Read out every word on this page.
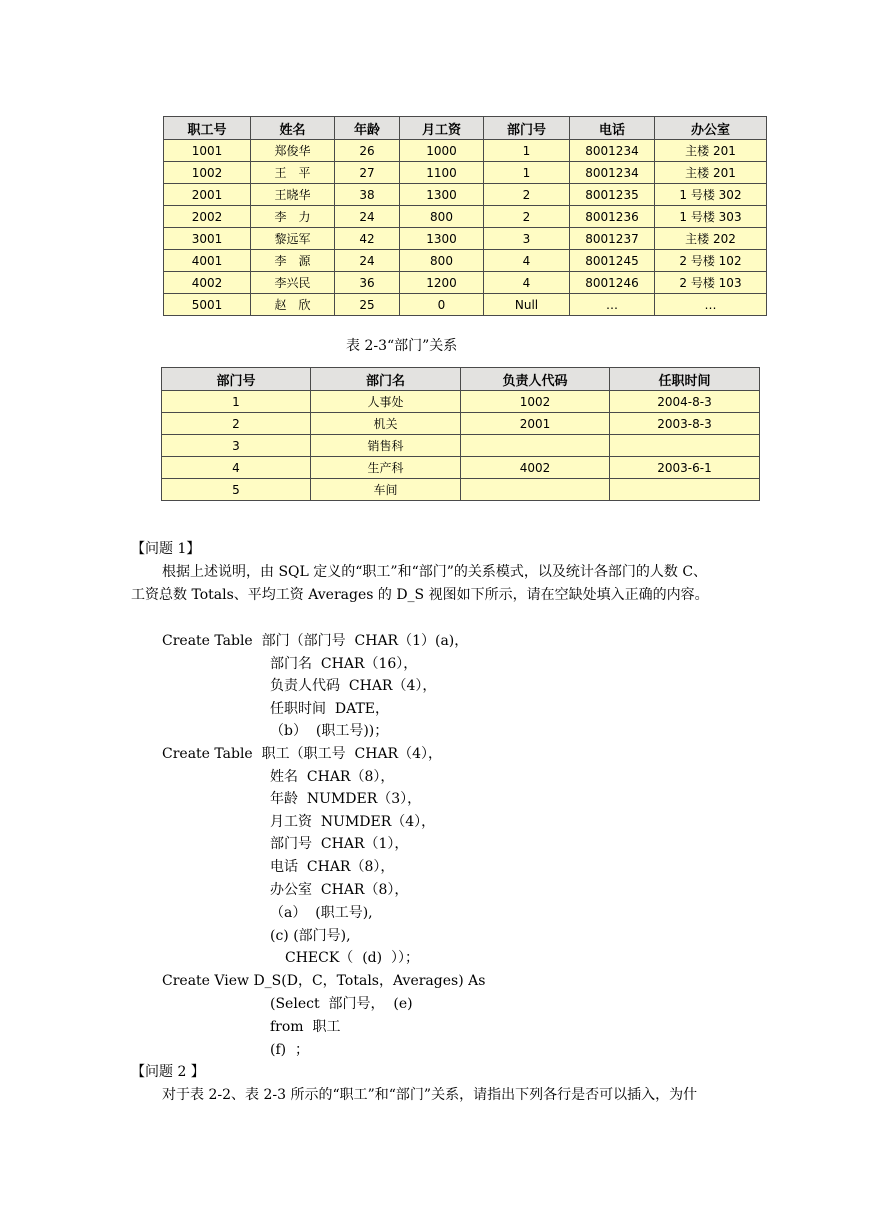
职工号	姓名	年龄	月工资	部门号	电话	办公室
1001	郑俊华	26	1000	1	8001234	主楼 201
1002	王　平	27	1100	1	8001234	主楼 201
2001	王晓华	38	1300	2	8001235	1 号楼 302
2002	李　力	24	800	2	8001236	1 号楼 303
3001	黎远军	42	1300	3	8001237	主楼 202
4001	李　源	24	800	4	8001245	2 号楼 102
4002	李兴民	36	1200	4	8001246	2 号楼 103
5001	赵　欣	25	0	Null	…	…
表 2-3“部门”关系
部门号	部门名	负责人代码	任职时间
1	人事处	1002	2004-8-3
2	机关	2001	2003-8-3
3	销售科		
4	生产科	4002	2003-6-1
5	车间		
【问题 1】
根据上述说明，由 SQL 定义的“职工”和“部门”的关系模式，以及统计各部门的人数 C、
工资总数 Totals、平均工资 Averages 的 D_S 视图如下所示，请在空缺处填入正确的内容。
Create Table  部门（部门号  CHAR（1）(a)，
部门名  CHAR（16），
负责人代码  CHAR（4），
任职时间  DATE，
（b）  (职工号))；
Create Table  职工（职工号  CHAR（4），
姓名  CHAR（8），
年龄  NUMDER（3），
月工资  NUMDER（4），
部门号  CHAR（1），
电话  CHAR（8），
办公室  CHAR（8），
（a）  (职工号),
(c) (部门号),
CHECK（  (d)  ））；
Create View D_S(D，C，Totals，Averages) As
(Select  部门号，  (e)
from  职工
(f)  ；
【问题 2 】
对于表 2-2、表 2-3 所示的“职工”和“部门”关系，请指出下列各行是否可以插入，为什
